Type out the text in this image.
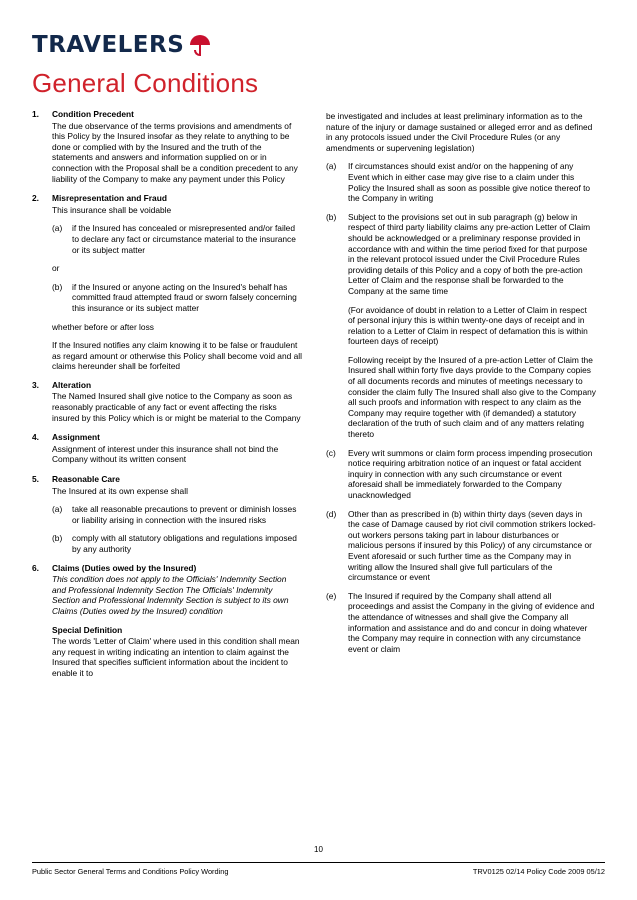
TRAVELERS
General Conditions
1.	Condition Precedent

The due observance of the terms provisions and amendments of this Policy by the Insured insofar as they relate to anything to be done or complied with by the Insured and the truth of the statements and answers and information supplied on or in connection with the Proposal shall be a condition precedent to any liability of the Company to make any payment under this Policy

2.	Misrepresentation and Fraud

This insurance shall be voidable

(a)	if the Insured has concealed or misrepresented and/or failed to declare any fact or circumstance material to the insurance or its subject matter
or
(b)	if the Insured or anyone acting on the Insured's behalf has committed fraud attempted fraud or sworn falsely concerning this insurance or its subject matter
whether before or after loss
If the Insured notifies any claim knowing it to be false or fraudulent as regard amount or otherwise this Policy shall become void and all claims hereunder shall be forfeited
3.	Alteration

The Named Insured shall give notice to the Company as soon as reasonably practicable of any fact or event affecting the risks insured by this Policy which is or might be material to the Company

4.	Assignment

Assignment of interest under this insurance shall not bind the Company without its written consent

5.	Reasonable Care

The Insured at its own expense shall

(a)	take all reasonable precautions to prevent or diminish losses or liability arising in connection with the insured risks
(b)	comply with all statutory obligations and regulations imposed by any authority
6.	Claims (Duties owed by the Insured)

This condition does not apply to the Officials' Indemnity Section and Professional Indemnity Section The Officials' Indemnity Section and Professional Indemnity Section is subject to its own Claims (Duties owed by the Insured) condition

Special Definition

The words 'Letter of Claim' where used in this condition shall mean any request in writing indicating an intention to claim against the Insured that specifies sufficient information about the incident to enable it to

be investigated and includes at least preliminary information as to the nature of the injury or damage sustained or alleged error and as defined in any protocols issued under the Civil Procedure Rules (or any amendments or supervening legislation)

(a)	If circumstances should exist and/or on the happening of any Event which in either case may give rise to a claim under this Policy the Insured shall as soon as possible give notice thereof to the Company in writing
(b)	Subject to the provisions set out in sub paragraph (g) below in respect of third party liability claims any pre-action Letter of Claim should be acknowledged or a preliminary response provided in accordance with and within the time period fixed for that purpose in the relevant protocol issued under the Civil Procedure Rules providing details of this Policy and a copy of both the pre-action Letter of Claim and the response shall be forwarded to the Company at the same time
(For avoidance of doubt in relation to a Letter of Claim in respect of personal injury this is within twenty-one days of receipt and in relation to a Letter of Claim in respect of defamation this is within fourteen days of receipt)
Following receipt by the Insured of a pre-action Letter of Claim the Insured shall within forty five days provide to the Company copies of all documents records and minutes of meetings necessary to consider the claim fully The Insured shall also give to the Company all such proofs and information with respect to any claim as the Company may require together with (if demanded) a statutory declaration of the truth of such claim and of any matters relating thereto
(c)	Every writ summons or claim form process impending prosecution notice requiring arbitration notice of an inquest or fatal accident inquiry in connection with any such circumstance or event aforesaid shall be immediately forwarded to the Company unacknowledged
(d)	Other than as prescribed in (b) within thirty days (seven days in the case of Damage caused by riot civil commotion strikers locked-out workers persons taking part in labour disturbances or malicious persons if insured by this Policy) of any circumstance or Event aforesaid or such further time as the Company may in writing allow the Insured shall give full particulars of the circumstance or event
(e)	The Insured if required by the Company shall attend all proceedings and assist the Company in the giving of evidence and the attendance of witnesses and shall give the Company all information and assistance and do and concur in doing whatever the Company may require in connection with any circumstance event or claim
10
Public Sector General Terms and Conditions Policy Wording	TRV0125 02/14 Policy Code 2009 05/12
